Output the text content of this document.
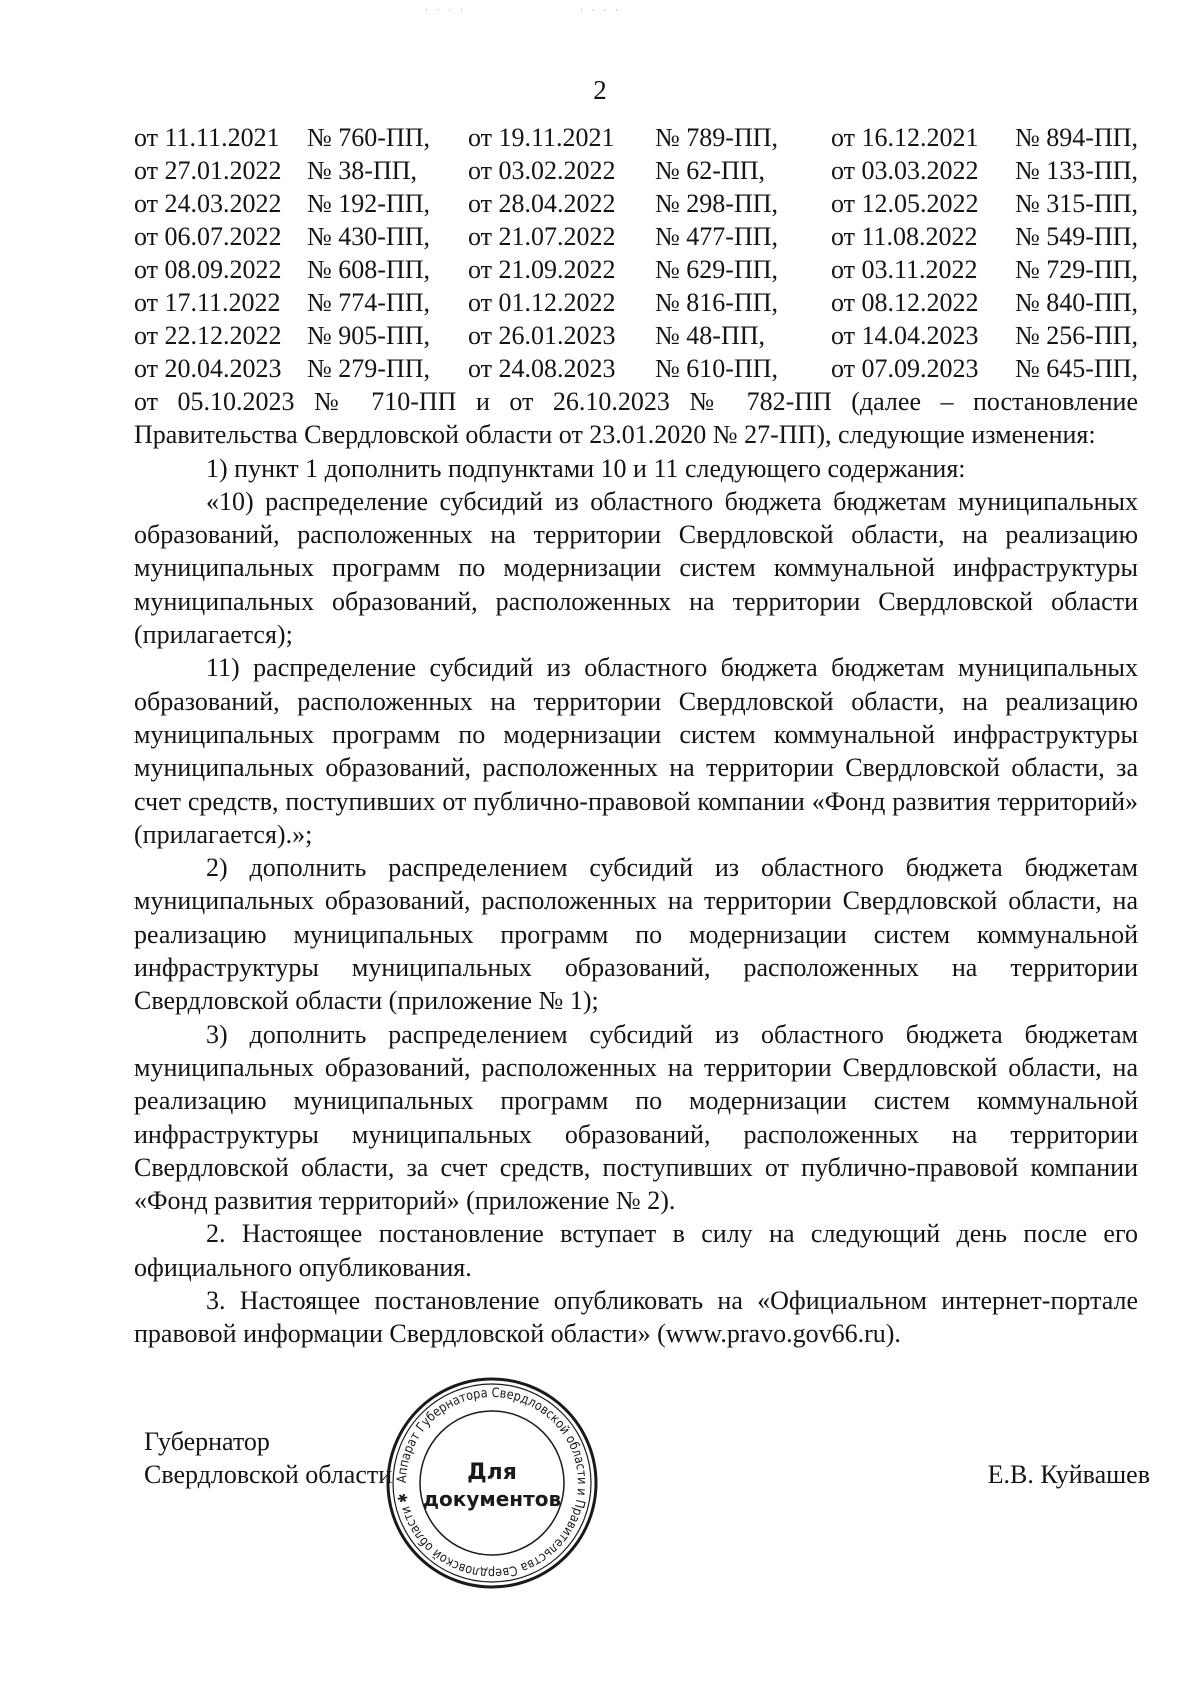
· · · ·	· · · ·
2
от 11.11.2021	№ 760-ПП,	от 19.11.2021	№ 789-ПП,	от 16.12.2021	№ 894-ПП,
от 27.01.2022 № 38-ПП,	от 03.02.2022	№ 62-ПП,	от 03.03.2022	№ 133-ПП,
от 24.03.2022 № 192-ПП,	от 28.04.2022	№ 298-ПП,	от 12.05.2022	№ 315-ПП,
от 06.07.2022 № 430-ПП,	от 21.07.2022	№ 477-ПП,	от 11.08.2022	№ 549-ПП,
от 08.09.2022 № 608-ПП,	от 21.09.2022	№ 629-ПП,	от 03.11.2022	№ 729-ПП,
от 17.11.2022	№ 774-ПП,	от 01.12.2022	№ 816-ПП,	от 08.12.2022	№ 840-ПП,
от 22.12.2022 № 905-ПП,	от 26.01.2023	№ 48-ПП,	от 14.04.2023	№ 256-ПП,
от 20.04.2023 № 279-ПП,	от 24.08.2023	№ 610-ПП,	от 07.09.2023	№ 645-ПП,

от 05.10.2023 № 710-ПП и от 26.10.2023 № 782-ПП (далее – постановление Правительства Свердловской области от 23.01.2020 № 27-ПП), следующие изменения:

1) пункт 1 дополнить подпунктами 10 и 11 следующего содержания:

«10) распределение субсидий из областного бюджета бюджетам муниципальных образований, расположенных на территории Свердловской области, на реализацию муниципальных программ по модернизации систем коммунальной инфраструктуры муниципальных образований, расположенных на территории Свердловской области (прилагается);

11) распределение субсидий из областного бюджета бюджетам муниципальных образований, расположенных на территории Свердловской области, на реализацию муниципальных программ по модернизации систем коммунальной инфраструктуры муниципальных образований, расположенных на территории Свердловской области, за счет средств, поступивших от публично-правовой компании «Фонд развития территорий» (прилагается).»;

2) дополнить распределением субсидий из областного бюджета бюджетам муниципальных образований, расположенных на территории Свердловской области, на реализацию муниципальных программ по модернизации систем коммунальной инфраструктуры муниципальных образований, расположенных на территории Свердловской области (приложение № 1);

3) дополнить распределением субсидий из областного бюджета бюджетам муниципальных образований, расположенных на территории Свердловской области, на реализацию муниципальных программ по модернизации систем коммунальной инфраструктуры муниципальных образований, расположенных на территории Свердловской области, за счет средств, поступивших от публично-правовой компании «Фонд развития территорий» (приложение № 2).

2. Настоящее постановление вступает в силу на следующий день после его официального опубликования.

3. Настоящее постановление опубликовать на «Официальном интернет-портале правовой информации Свердловской области» (www.pravo.gov66.ru).

Губернатор
Свердловской области	Е.В. Куйвашев
Аппарат Губернатора Свердловской области и Правительства Свердловской области ✱
Для
документов
